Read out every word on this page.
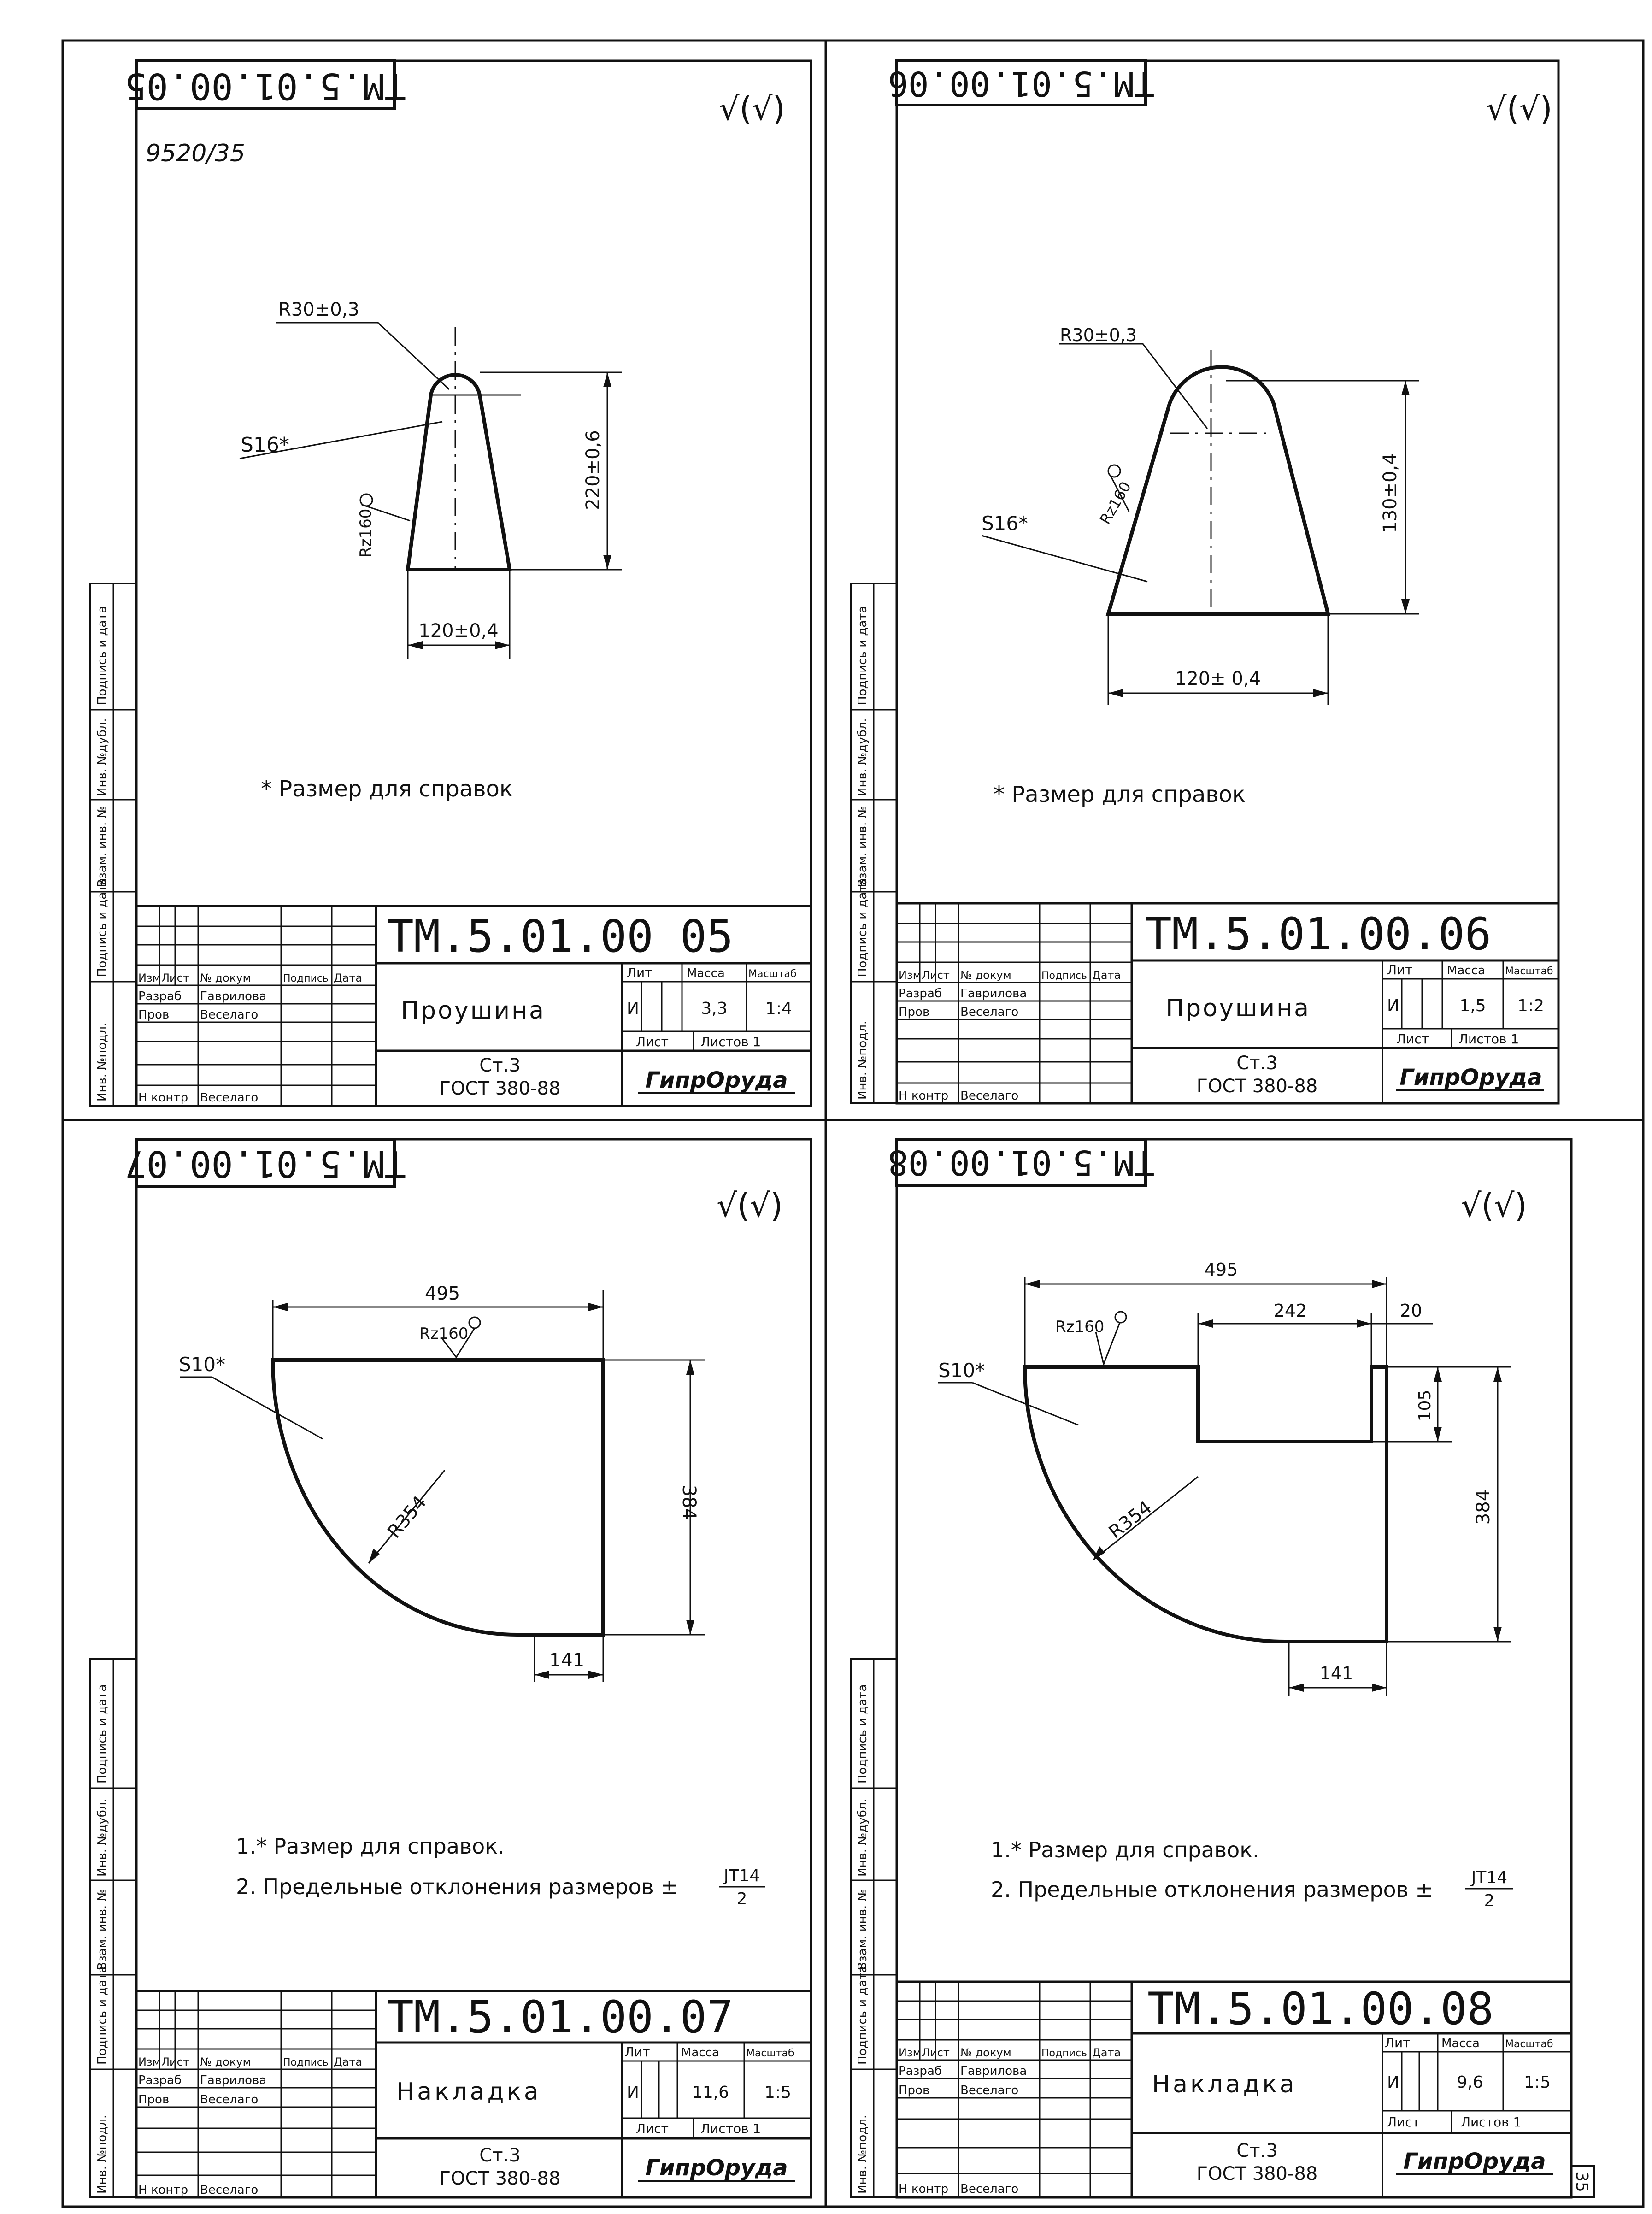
ТМ.5.01.00.05
9520/35
√(√)
R30±0,3
S16*
Rz160
220±0,6
120±0,4
* Размер для справок
Изм Лист № докум	Подпись Дата
Разраб Гаврилова
Пров	Веселаго
Н контр Веселаго
ТМ.5.01.00 05
Проушина
Ст.3
ГОСТ 380-88
Лит	Масса Масштаб
И	3,3 1:4
Лист Листов 1
ГипрОруда
Инв. №подл.
Подпись и дата
Взам. инв. №
Инв. №дубл.
Подпись и дата
ТМ.5.01.00.06
√(√)
R30±0,3
S16*	Rz160	130±0,4
120± 0,4
* Размер для справок
Изм Лист № докум	Подпись Дата
Разраб Гаврилова
Пров	Веселаго
Н контр Веселаго
ТМ.5.01.00.06
Проушина
Ст.3
ГОСТ 380-88
Лит	Масса Масштаб
И	1,5 1:2
Лист Листов 1
ГипрОруда
Инв. №подл.
Подпись и дата
Взам. инв. №
Инв. №дубл.
Подпись и дата
ТМ.5.01.00.07
√(√)
495
Rz160
S10*
R354	384
141
1.* Размер для справок.
2. Предельные отклонения размеров ±	JT14
2
Изм Лист № докум	Подпись Дата
Разраб Гаврилова
Пров	Веселаго
Н контр Веселаго
ТМ.5.01.00.07
Накладка
Ст.3
ГОСТ 380-88
Лит	Масса	Масштаб
И	11,6 1:5
Лист Листов 1
ГипрОруда
Инв. №подл.
Подпись и дата
Взам. инв. №
Инв. №дубл.
Подпись и дата
ТМ.5.01.00.08
√(√)
495
242	20
Rz160
S10*
R354
105
384
141
1.* Размер для справок.
2. Предельные отклонения размеров ± JT14
2
Изм Лист № докум	Подпись Дата
Разраб Гаврилова
Пров	Веселаго
Н контр Веселаго
ТМ.5.01.00.08
Накладка
Ст.3
ГОСТ 380-88
Лит	Масса	Масштаб
И	9,6 1:5
Лист	Листов 1
ГипрОруда
Инв. №подл.
Подпись и дата
Взам. инв. №
Инв. №дубл.
Подпись и дата
35
